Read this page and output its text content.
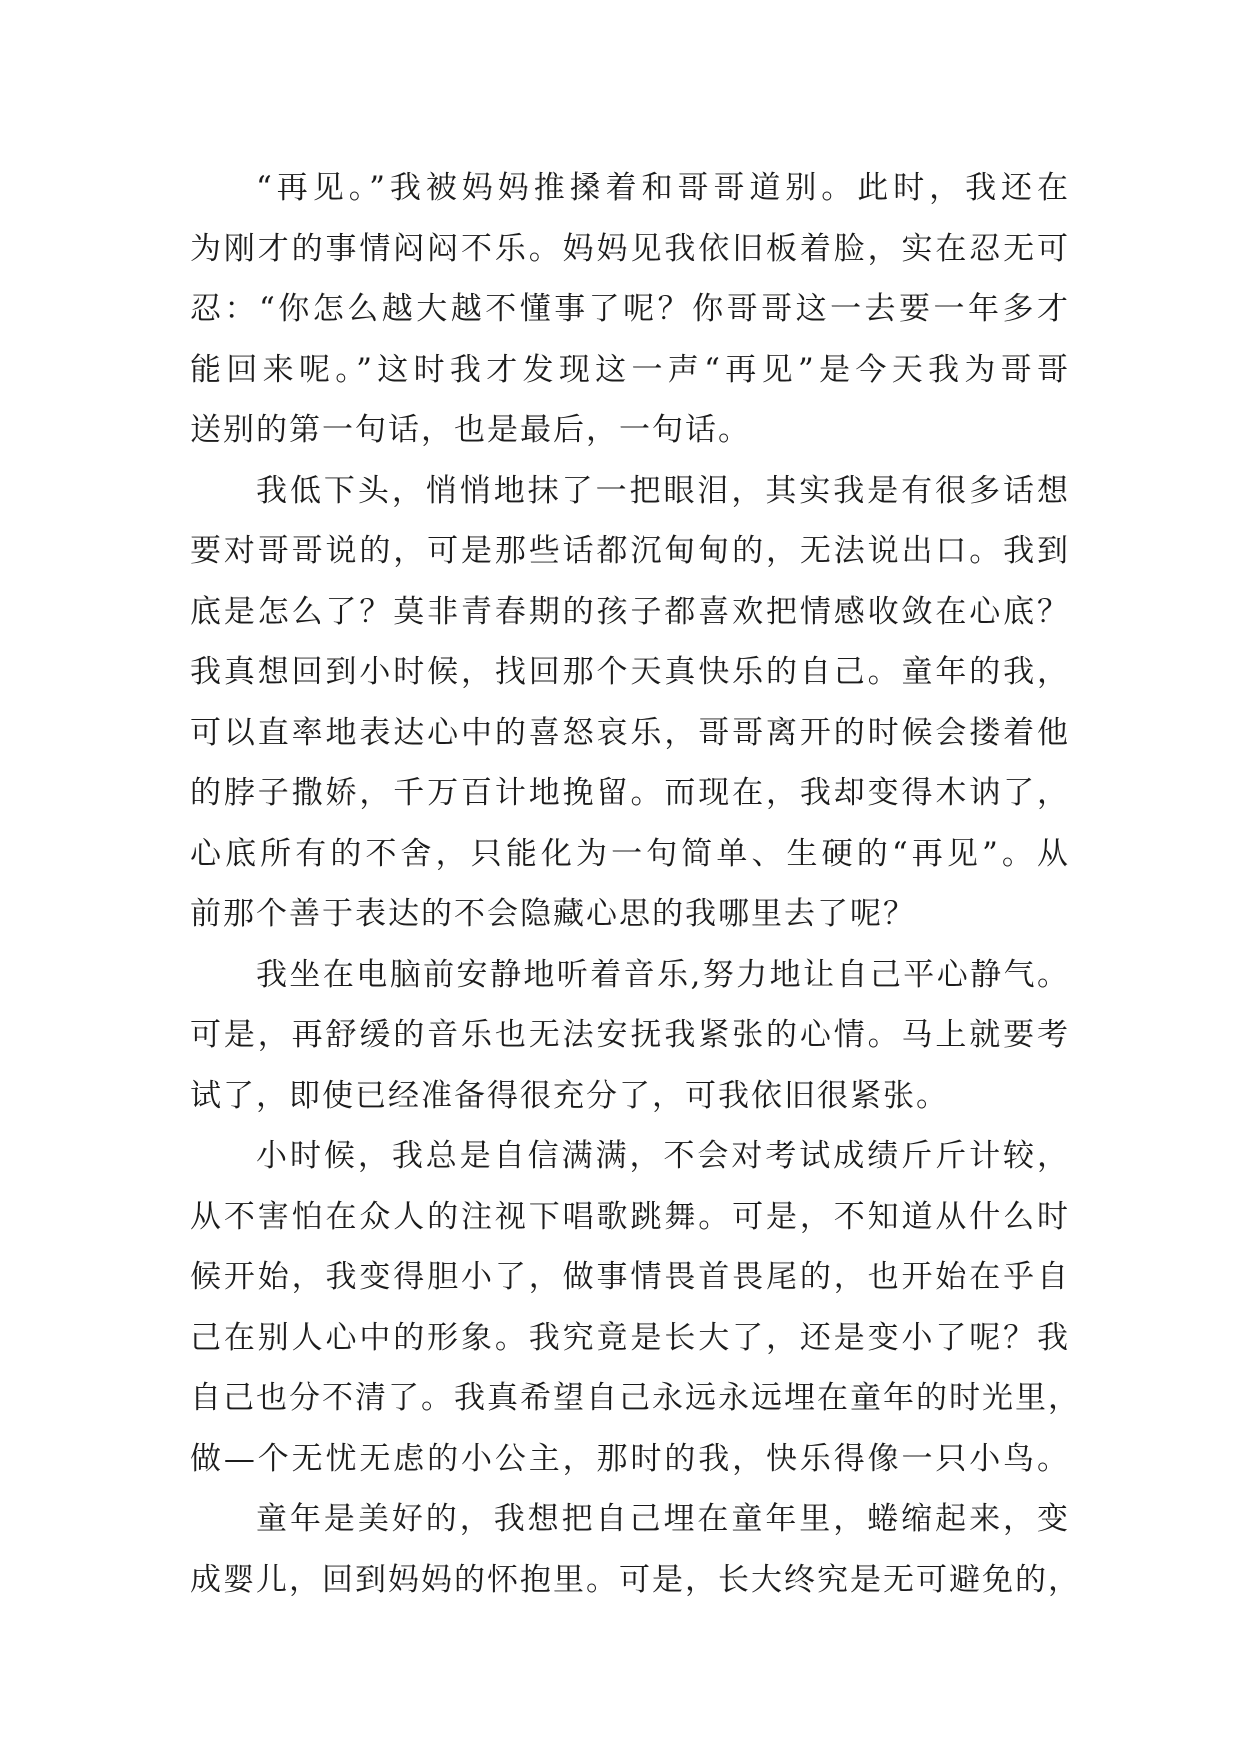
“再见。”我被妈妈推搡着和哥哥道别。此时，我还在
为刚才的事情闷闷不乐。妈妈见我依旧板着脸，实在忍无可
忍：“你怎么越大越不懂事了呢？你哥哥这一去要一年多才
能回来呢。”这时我才发现这一声“再见”是今天我为哥哥
送别的第一句话，也是最后，一句话。
我低下头，悄悄地抹了一把眼泪，其实我是有很多话想
要对哥哥说的，可是那些话都沉甸甸的，无法说出口。我到
底是怎么了？莫非青春期的孩子都喜欢把情感收敛在心底？
我真想回到小时候，找回那个天真快乐的自己。童年的我，
可以直率地表达心中的喜怒哀乐，哥哥离开的时候会搂着他
的脖子撒娇，千万百计地挽留。而现在，我却变得木讷了，
心底所有的不舍，只能化为一句简单、生硬的“再见”。从
前那个善于表达的不会隐藏心思的我哪里去了呢？
我坐在电脑前安静地听着音乐,努力地让自己平心静气。
可是，再舒缓的音乐也无法安抚我紧张的心情。马上就要考
试了，即使已经准备得很充分了，可我依旧很紧张。
小时候，我总是自信满满，不会对考试成绩斤斤计较，
从不害怕在众人的注视下唱歌跳舞。可是，不知道从什么时
候开始，我变得胆小了，做事情畏首畏尾的，也开始在乎自
己在别人心中的形象。我究竟是长大了，还是变小了呢？我
自己也分不清了。我真希望自己永远永远埋在童年的时光里，
做—个无忧无虑的小公主，那时的我，快乐得像一只小鸟。
童年是美好的，我想把自己埋在童年里，蜷缩起来，变
成婴儿，回到妈妈的怀抱里。可是，长大终究是无可避免的，
